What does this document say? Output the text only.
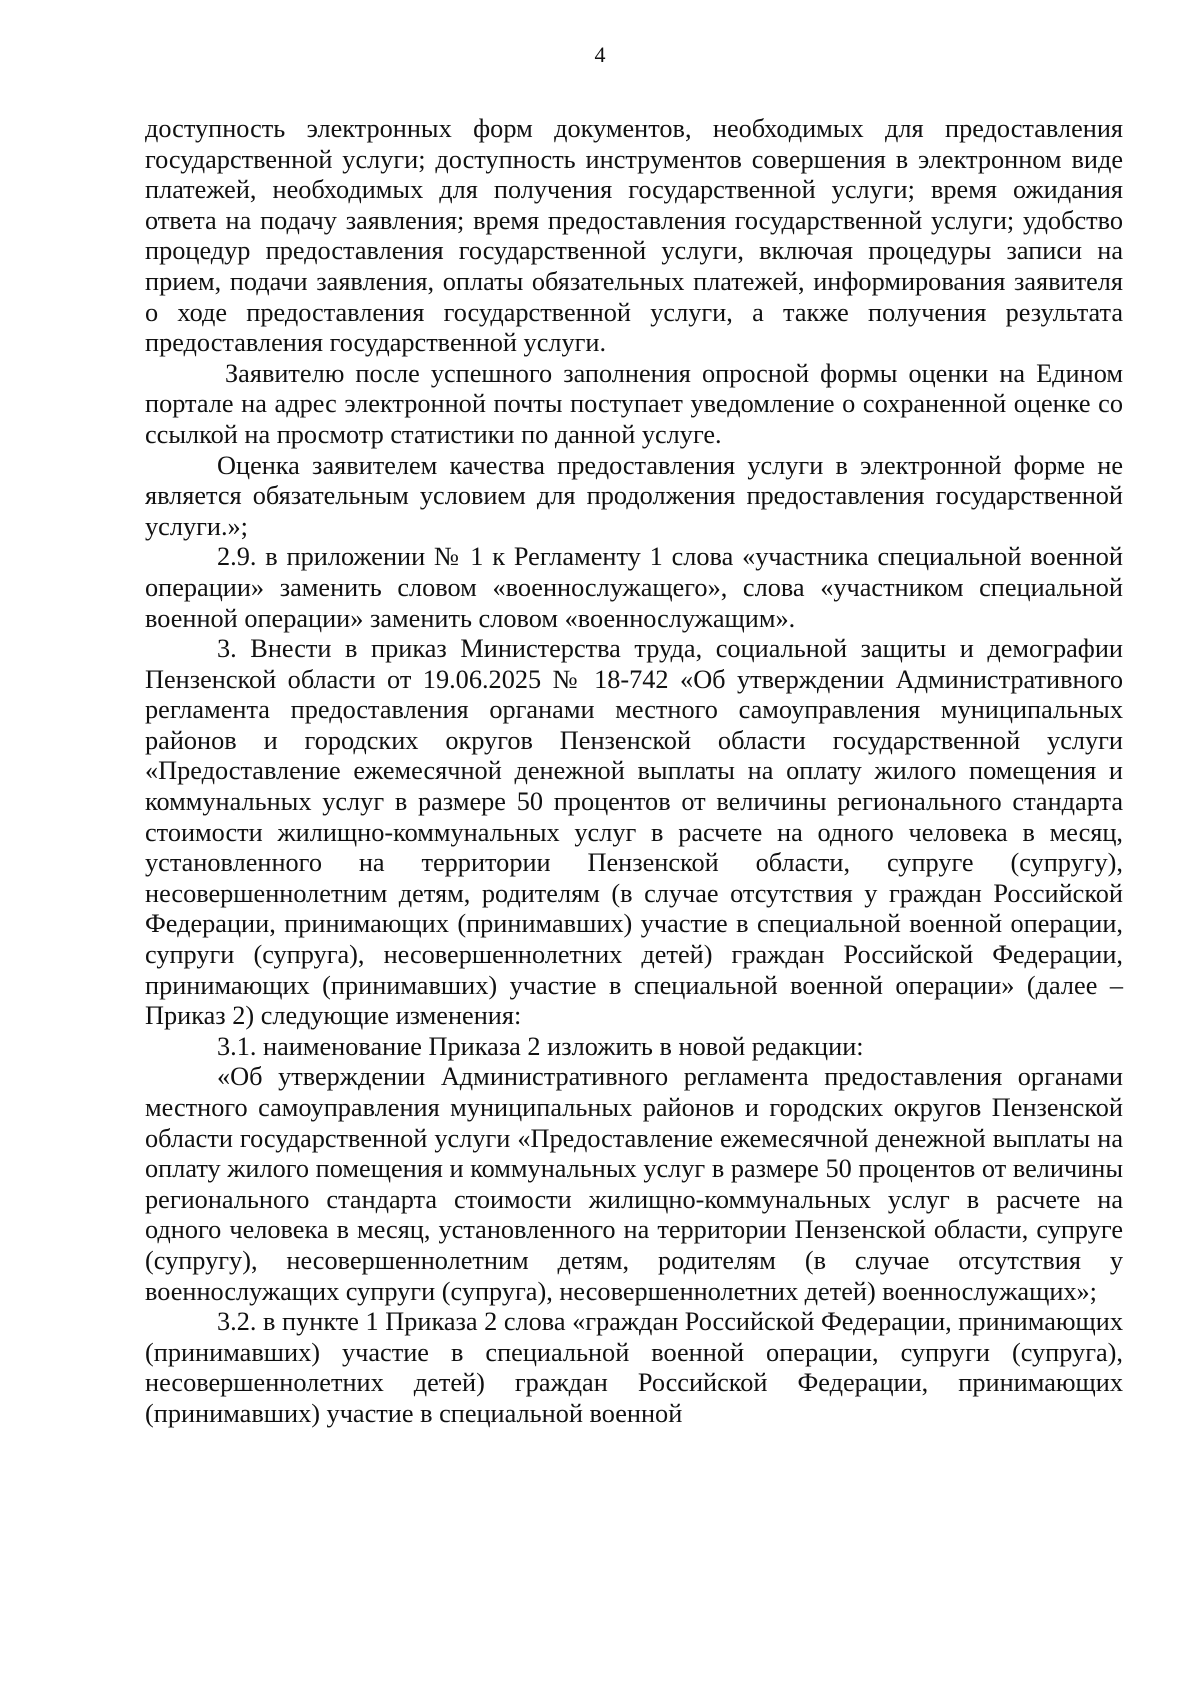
4

доступность электронных форм документов, необходимых для предоставления государственной услуги; доступность инструментов совершения в электронном виде платежей, необходимых для получения государственной услуги; время ожидания ответа на подачу заявления; время предоставления государственной услуги; удобство процедур предоставления государственной услуги, включая процедуры записи на прием, подачи заявления, оплаты обязательных платежей, информирования заявителя о ходе предоставления государственной услуги, а также получения результата предоставления государственной услуги.

Заявителю после успешного заполнения опросной формы оценки на Едином портале на адрес электронной почты поступает уведомление о сохраненной оценке со ссылкой на просмотр статистики по данной услуге.

Оценка заявителем качества предоставления услуги в электронной форме не является обязательным условием для продолжения предоставления государственной услуги.»;

2.9. в приложении № 1 к Регламенту 1 слова «участника специальной военной операции» заменить словом «военнослужащего», слова «участником специальной военной операции» заменить словом «военнослужащим».

3. Внести в приказ Министерства труда, социальной защиты и демографии Пензенской области от 19.06.2025 № 18-742 «Об утверждении Административного регламента предоставления органами местного самоуправления муниципальных районов и городских округов Пензенской области государственной услуги «Предоставление ежемесячной денежной выплаты на оплату жилого помещения и коммунальных услуг в размере 50 процентов от величины регионального стандарта стоимости жилищно-коммунальных услуг в расчете на одного человека в месяц, установленного на территории Пензенской области, супруге (супругу), несовершеннолетним детям, родителям (в случае отсутствия у граждан Российской Федерации, принимающих (принимавших) участие в специальной военной операции, супруги (супруга), несовершеннолетних детей) граждан Российской Федерации, принимающих (принимавших) участие в специальной военной операции» (далее – Приказ 2) следующие изменения:

3.1. наименование Приказа 2 изложить в новой редакции:

«Об утверждении Административного регламента предоставления органами местного самоуправления муниципальных районов и городских округов Пензенской области государственной услуги «Предоставление ежемесячной денежной выплаты на оплату жилого помещения и коммунальных услуг в размере 50 процентов от величины регионального стандарта стоимости жилищно-коммунальных услуг в расчете на одного человека в месяц, установленного на территории Пензенской области, супруге (супругу), несовершеннолетним детям, родителям (в случае отсутствия у военнослужащих супруги (супруга), несовершеннолетних детей) военнослужащих»;

3.2. в пункте 1 Приказа 2 слова «граждан Российской Федерации, принимающих (принимавших) участие в специальной военной операции, супруги (супруга), несовершеннолетних детей) граждан Российской Федерации, принимающих (принимавших) участие в специальной военной
